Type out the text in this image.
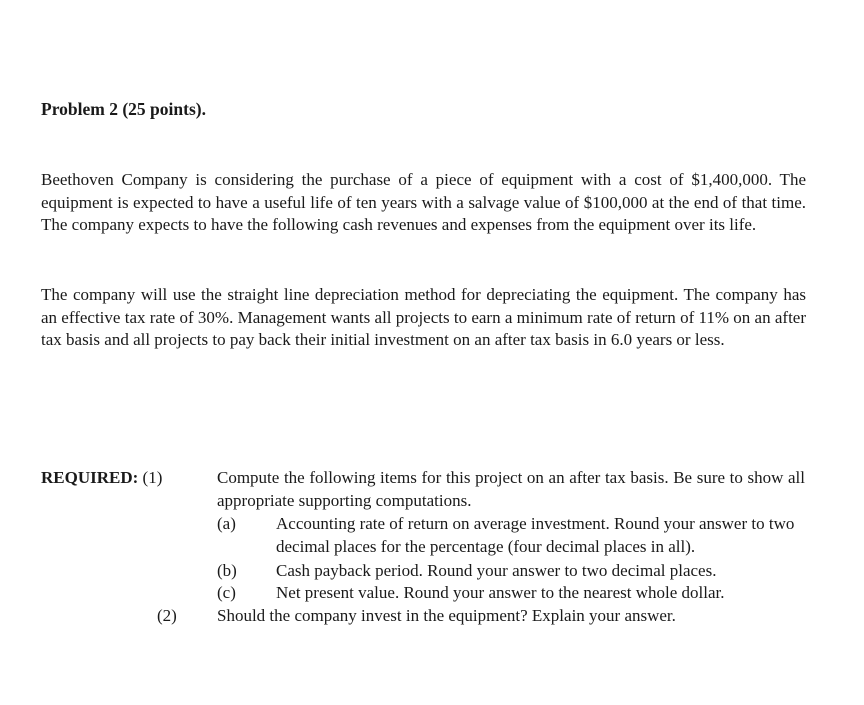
Problem 2 (25 points).
Beethoven Company is considering the purchase of a piece of equipment with a cost of $1,400,000. The equipment is expected to have a useful life of ten years with a salvage value of $100,000 at the end of that time. The company expects to have the following cash revenues and expenses from the equipment over its life.
The company will use the straight line depreciation method for depreciating the equipment. The company has an effective tax rate of 30%. Management wants all projects to earn a minimum rate of return of 11% on an after tax basis and all projects to pay back their initial investment on an after tax basis in 6.0 years or less.
REQUIRED: (1)	Compute the following items for this project on an after tax basis. Be sure to show all appropriate supporting computations.
(a) Accounting rate of return on average investment. Round your answer to two decimal places for the percentage (four decimal places in all).
(b) Cash payback period. Round your answer to two decimal places.
(c) Net present value. Round your answer to the nearest whole dollar.
(2) Should the company invest in the equipment? Explain your answer.
